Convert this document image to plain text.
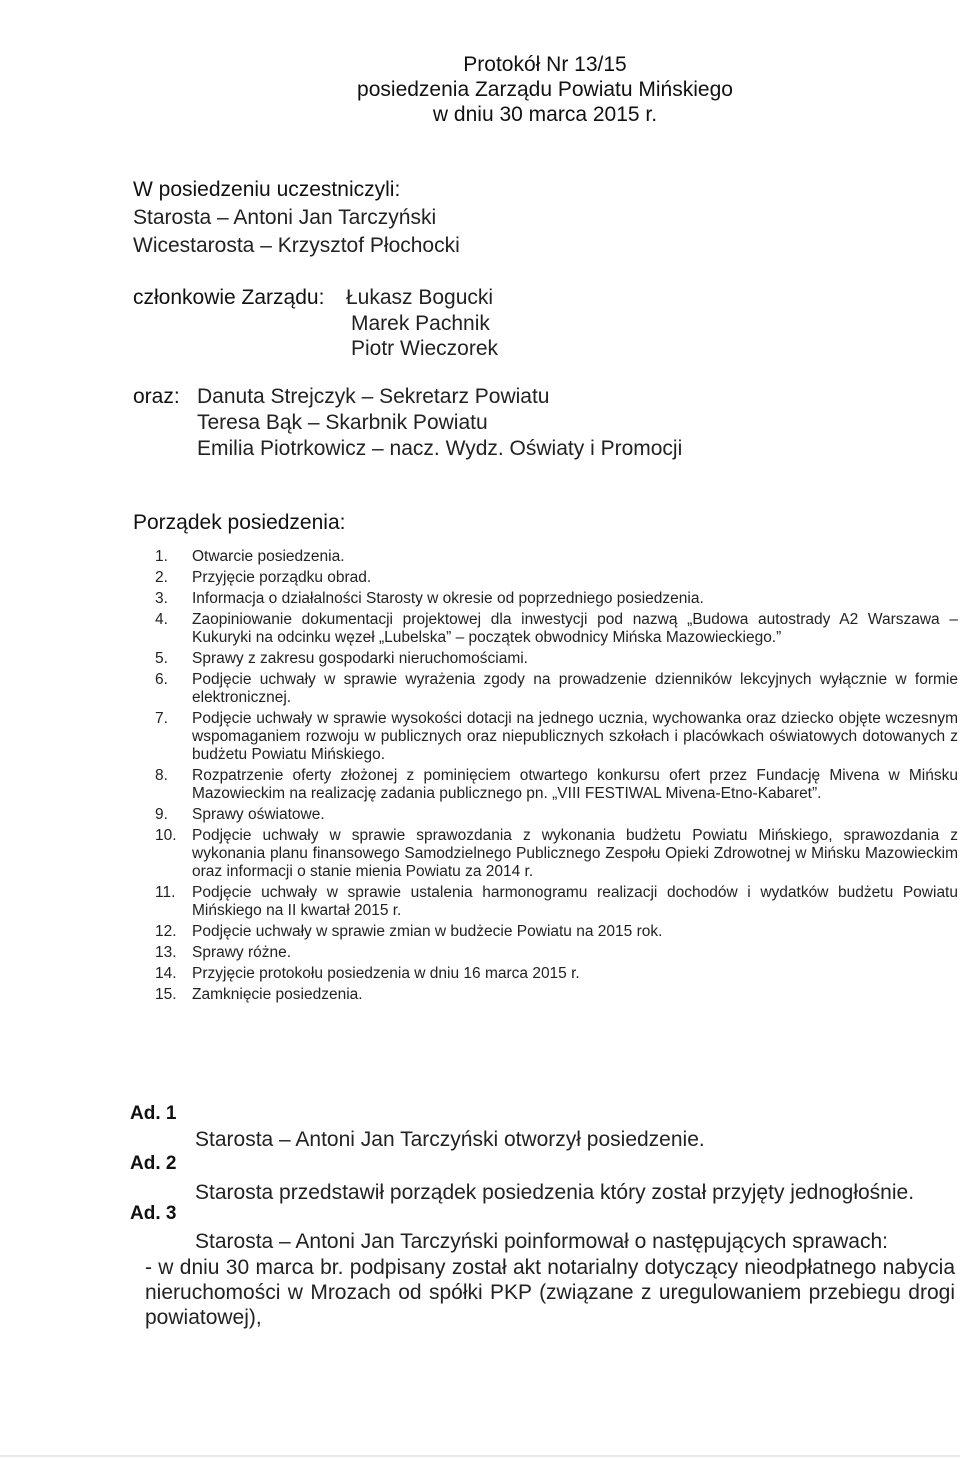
Protokół Nr 13/15
posiedzenia Zarządu Powiatu Mińskiego
w dniu 30 marca 2015 r.
W posiedzeniu uczestniczyli:
Starosta – Antoni Jan Tarczyński
Wicestarosta – Krzysztof Płochocki
członkowie Zarządu: Łukasz Bogucki
Marek Pachnik
Piotr Wieczorek
oraz: Danuta Strejczyk – Sekretarz Powiatu
Teresa Bąk – Skarbnik Powiatu
Emilia Piotrkowicz – nacz. Wydz. Oświaty i Promocji
Porządek posiedzenia:
1.	Otwarcie posiedzenia.
2.	Przyjęcie porządku obrad.
3.	Informacja o działalności Starosty w okresie od poprzedniego posiedzenia.
4.	Zaopiniowanie dokumentacji projektowej dla inwestycji pod nazwą „Budowa autostrady A2 Warszawa – Kukuryki na odcinku węzeł „Lubelska” – początek obwodnicy Mińska Mazowieckiego.”
5.	Sprawy z zakresu gospodarki nieruchomościami.
6.	Podjęcie uchwały w sprawie wyrażenia zgody na prowadzenie dzienników lekcyjnych wyłącznie w formie elektronicznej.
7.	Podjęcie uchwały w sprawie wysokości dotacji na jednego ucznia, wychowanka oraz dziecko objęte wczesnym wspomaganiem rozwoju w publicznych oraz niepublicznych szkołach i placówkach oświatowych dotowanych z budżetu Powiatu Mińskiego.
8.	Rozpatrzenie oferty złożonej z pominięciem otwartego konkursu ofert przez Fundację Mivena w Mińsku Mazowieckim na realizację zadania publicznego pn. „VIII FESTIWAL Mivena-Etno-Kabaret”.
9.	Sprawy oświatowe.
10. Podjęcie uchwały w sprawie sprawozdania z wykonania budżetu Powiatu Mińskiego, sprawozdania z wykonania planu finansowego Samodzielnego Publicznego Zespołu Opieki Zdrowotnej w Mińsku Mazowieckim oraz informacji o stanie mienia Powiatu za 2014 r.
11.	Podjęcie uchwały w sprawie ustalenia harmonogramu realizacji dochodów i wydatków budżetu Powiatu Mińskiego na II kwartał 2015 r.
12. Podjęcie uchwały w sprawie zmian w budżecie Powiatu na 2015 rok.
13. Sprawy różne.
14. Przyjęcie protokołu posiedzenia w dniu 16 marca 2015 r.
15. Zamknięcie posiedzenia.
Ad. 1
Starosta – Antoni Jan Tarczyński otworzył posiedzenie.
Ad. 2
Starosta przedstawił porządek posiedzenia który został przyjęty jednogłośnie.
Ad. 3
Starosta – Antoni Jan Tarczyński poinformował o następujących sprawach:
- w dniu 30 marca br. podpisany został akt notarialny dotyczący nieodpłatnego nabycia nieruchomości w Mrozach od spółki PKP (związane z uregulowaniem przebiegu drogi powiatowej),
